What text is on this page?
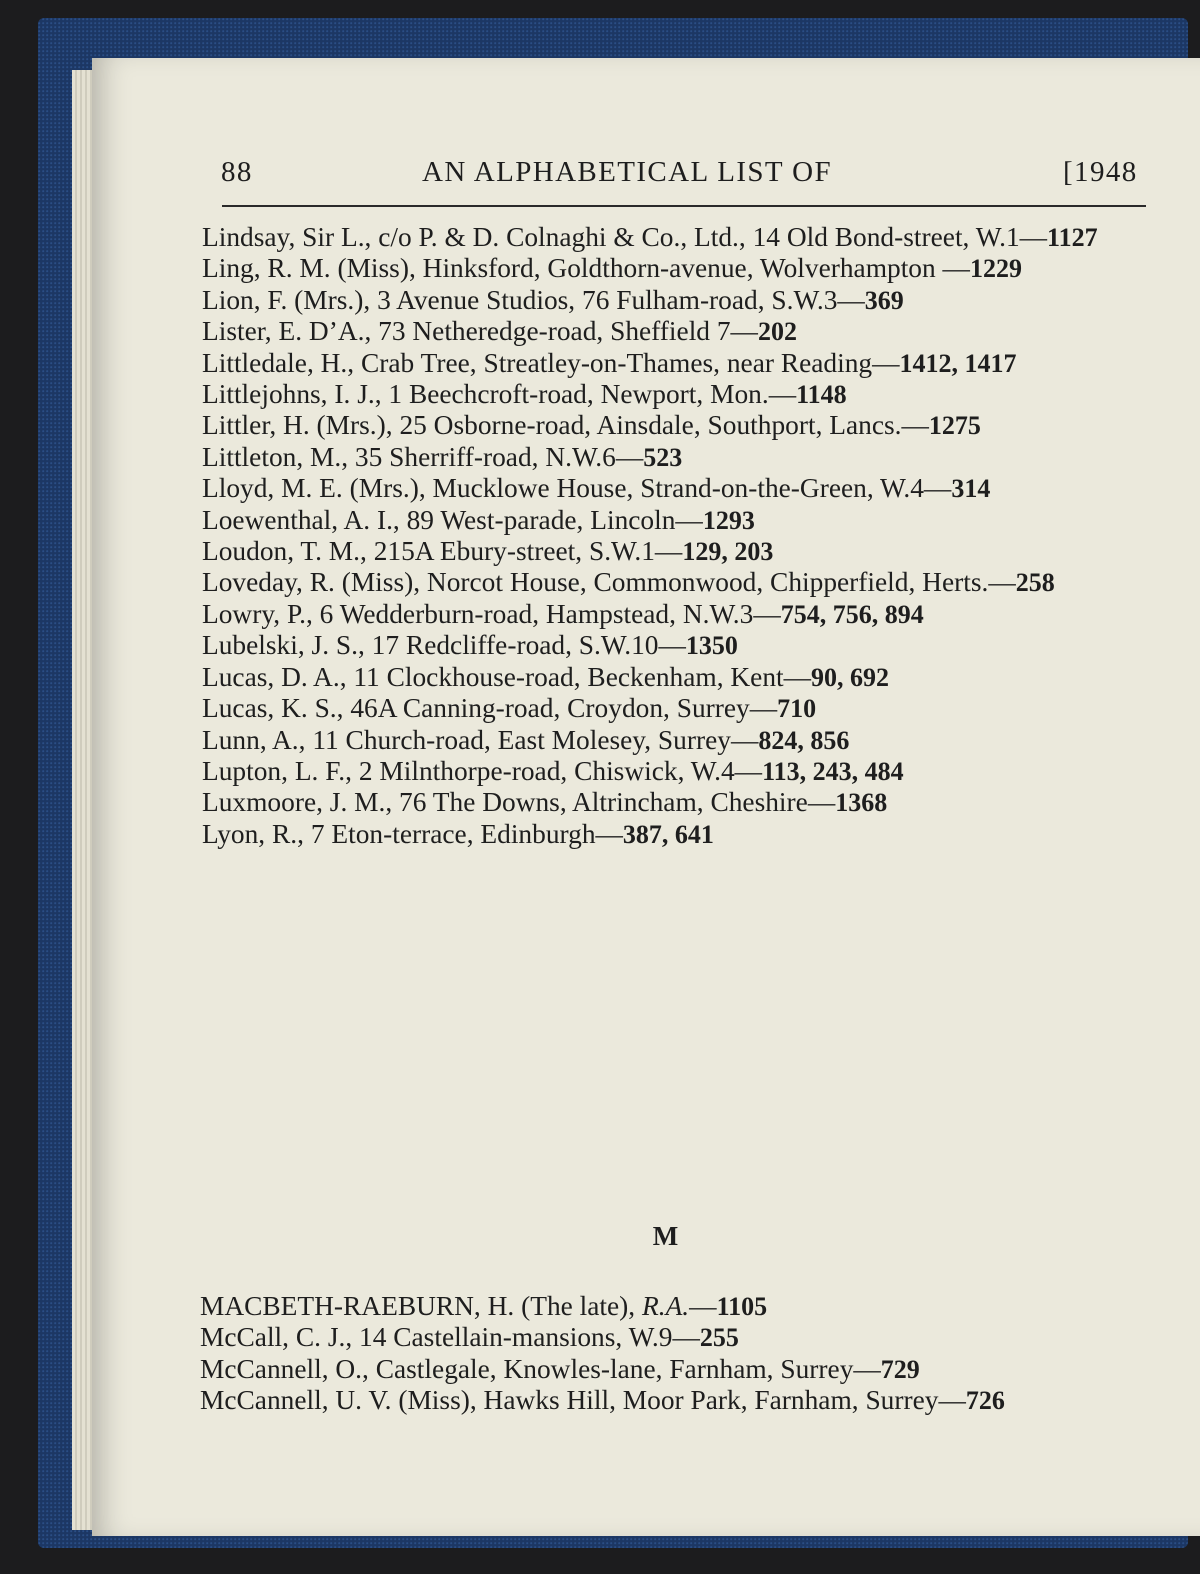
88	AN ALPHABETICAL LIST OF	[1948
Lindsay, Sir L., c/o P. & D. Colnaghi & Co., Ltd., 14 Old Bond-street, W.1—1127
Ling, R. M. (Miss), Hinksford, Goldthorn-avenue, Wolverhampton —1229
Lion, F. (Mrs.), 3 Avenue Studios, 76 Fulham-road, S.W.3—369
Lister, E. D’A., 73 Netheredge-road, Sheffield 7—202
Littledale, H., Crab Tree, Streatley-on-Thames, near Reading—1412, 1417
Littlejohns, I. J., 1 Beechcroft-road, Newport, Mon.—1148
Littler, H. (Mrs.), 25 Osborne-road, Ainsdale, Southport, Lancs.—1275
Littleton, M., 35 Sherriff-road, N.W.6—523
Lloyd, M. E. (Mrs.), Mucklowe House, Strand-on-the-Green, W.4—314
Loewenthal, A. I., 89 West-parade, Lincoln—1293
Loudon, T. M., 215A Ebury-street, S.W.1—129, 203
Loveday, R. (Miss), Norcot House, Commonwood, Chipperfield, Herts.—258
Lowry, P., 6 Wedderburn-road, Hampstead, N.W.3—754, 756, 894
Lubelski, J. S., 17 Redcliffe-road, S.W.10—1350
Lucas, D. A., 11 Clockhouse-road, Beckenham, Kent—90, 692
Lucas, K. S., 46A Canning-road, Croydon, Surrey—710
Lunn, A., 11 Church-road, East Molesey, Surrey—824, 856
Lupton, L. F., 2 Milnthorpe-road, Chiswick, W.4—113, 243, 484
Luxmoore, J. M., 76 The Downs, Altrincham, Cheshire—1368
Lyon, R., 7 Eton-terrace, Edinburgh—387, 641
M
MACBETH-RAEBURN, H. (The late), R.A.—1105
McCall, C. J., 14 Castellain-mansions, W.9—255
McCannell, O., Castlegale, Knowles-lane, Farnham, Surrey—729
McCannell, U. V. (Miss), Hawks Hill, Moor Park, Farnham, Surrey—726
